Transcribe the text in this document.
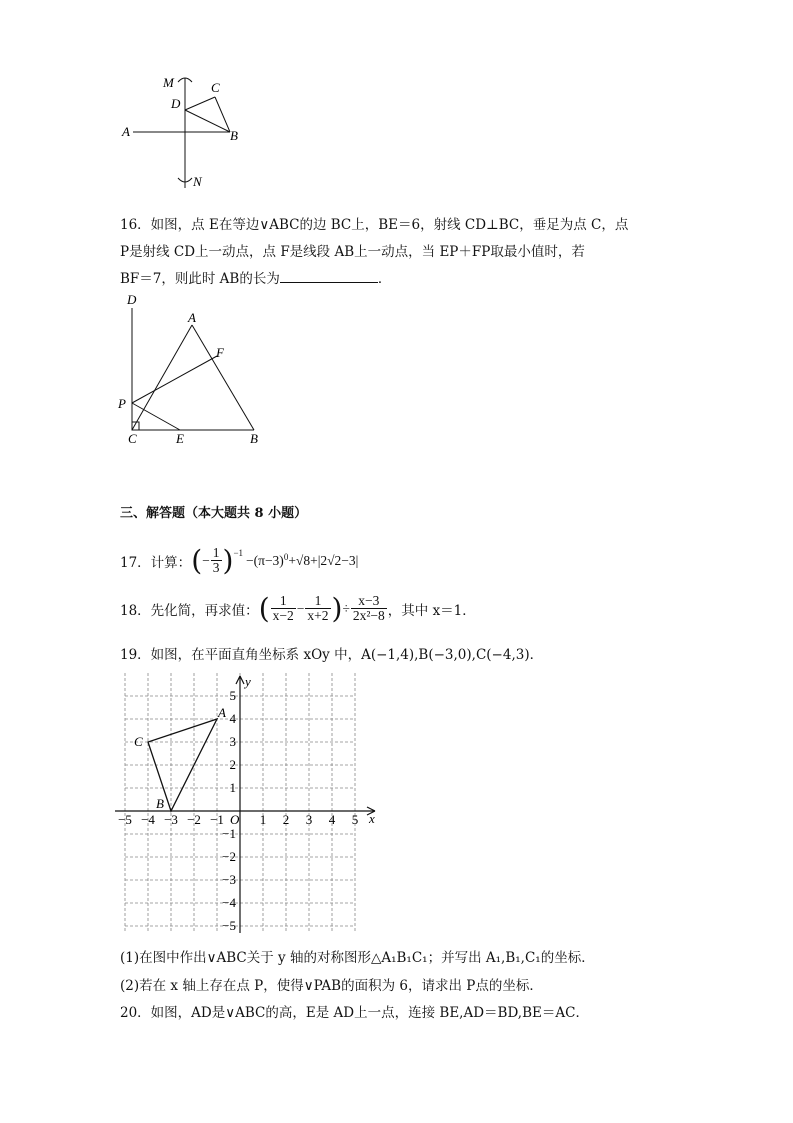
M	C
D
A	B
N
16．如图，点 E在等边∨ABC的边 BC上，BE＝6，射线 CD⊥BC，垂足为点 C，点
P是射线 CD上一动点，点 F是线段 AB上一动点，当 EP＋FP取最小值时，若
BF＝7，则此时 AB的长为	．
D
A
F
P
C	E	B
三、解答题（本大题共 8 小题）
17．计算： ( − $\frac{1}{3} )^{-1} -(\pi-3)^0 +√8+|2√2-3|$
18．先化简，再求值： ( $\frac{1}{x-2} - \frac{1}{x+2}$ ) ÷ $\frac{x-3}{\text{2x²−8}}$ ，其中 x＝1．
19．如图，在平面直角坐标系 xOy 中，A(−1,4),B(−3,0),C(−4,3)．
x
y
O
−5 −4 −3 −2 −1	1 2 3 4 5
5
4
3
2
1
−1
−2
−3
−4
−5
A
B
C
(1)在图中作出∨ABC关于 y 轴的对称图形△A₁B₁C₁；并写出 A₁,B₁,C₁的坐标．
(2)若在 x 轴上存在点 P，使得∨PAB的面积为 6，请求出 P点的坐标．
20．如图，AD是∨ABC的高，E是 AD上一点，连接 BE,AD＝BD,BE＝AC．
